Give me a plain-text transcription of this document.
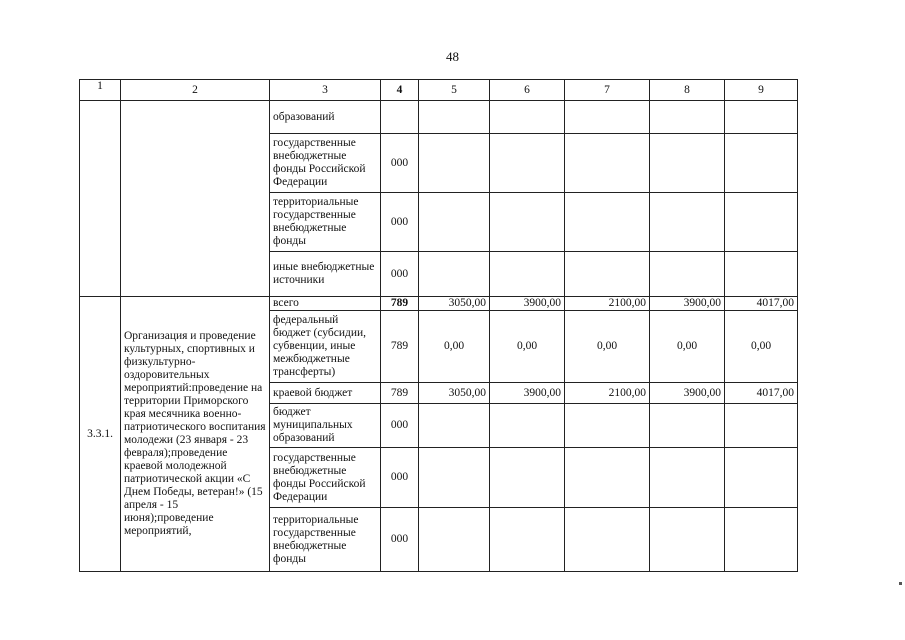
48
1	2	3	4	5	6	7	8	9
		образований						
		государственные внебюджетные фонды Российской Федерации	000					
		территориальные государственные внебюджетные фонды	000					
		иные внебюджетные источники	000					
3.3.1.	Организация и проведение культурных, спортивных и физкультурно-оздоровительных мероприятий:проведение на территории Приморского края месячника военно-патриотического воспитания молодежи (23 января - 23 февраля);проведение краевой молодежной патриотической акции «С Днем Победы, ветеран!» (15 апреля - 15 июня);проведение мероприятий,	всего	789	3050,00	3900,00	2100,00	3900,00	4017,00
		федеральный бюджет (субсидии, субвенции, иные межбюджетные трансферты)	789	0,00	0,00	0,00	0,00	0,00
		краевой бюджет	789	3050,00	3900,00	2100,00	3900,00	4017,00
		бюджет муниципальных образований	000					
		государственные внебюджетные фонды Российской Федерации	000					
		территориальные государственные внебюджетные фонды	000					
